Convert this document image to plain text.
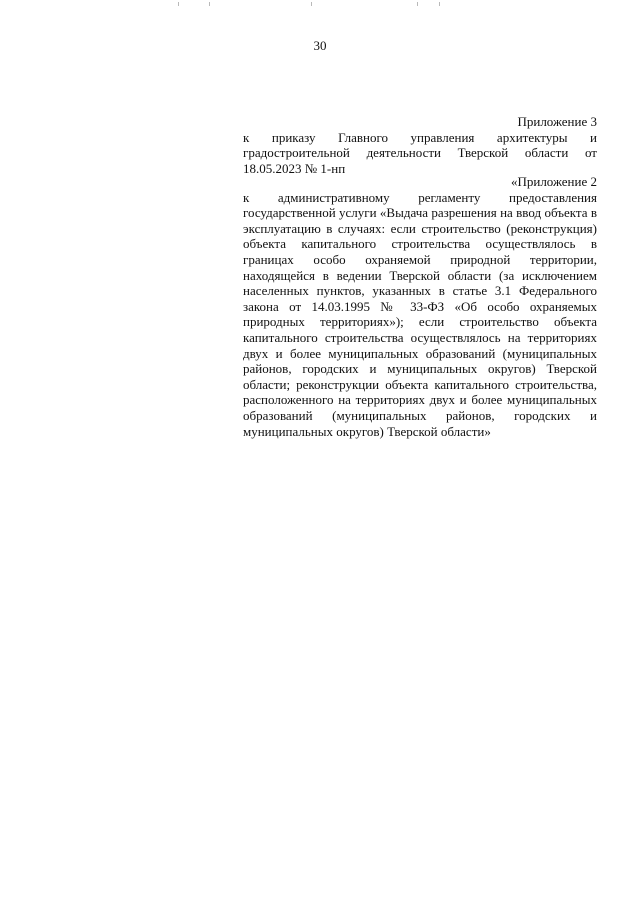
30
Приложение 3
к приказу Главного управления архитектуры и
градостроительной деятельности Тверской области от
18.05.2023 № 1-нп
«Приложение 2
к административному регламенту предоставления
государственной услуги «Выдача разрешения на ввод объекта в
эксплуатацию в случаях: если строительство (реконструкция)
объекта капитального строительства осуществлялось в
границах особо охраняемой природной территории,
находящейся в ведении Тверской области (за исключением
населенных пунктов, указанных в статье 3.1 Федерального
закона от 14.03.1995 № 33-ФЗ «Об особо охраняемых
природных территориях»); если строительство объекта
капитального строительства осуществлялось на территориях
двух и более муниципальных образований (муниципальных
районов, городских и муниципальных округов) Тверской
области; реконструкции объекта капитального строительства,
расположенного на территориях двух и более муниципальных
образований (муниципальных районов, городских и
муниципальных округов) Тверской области»
